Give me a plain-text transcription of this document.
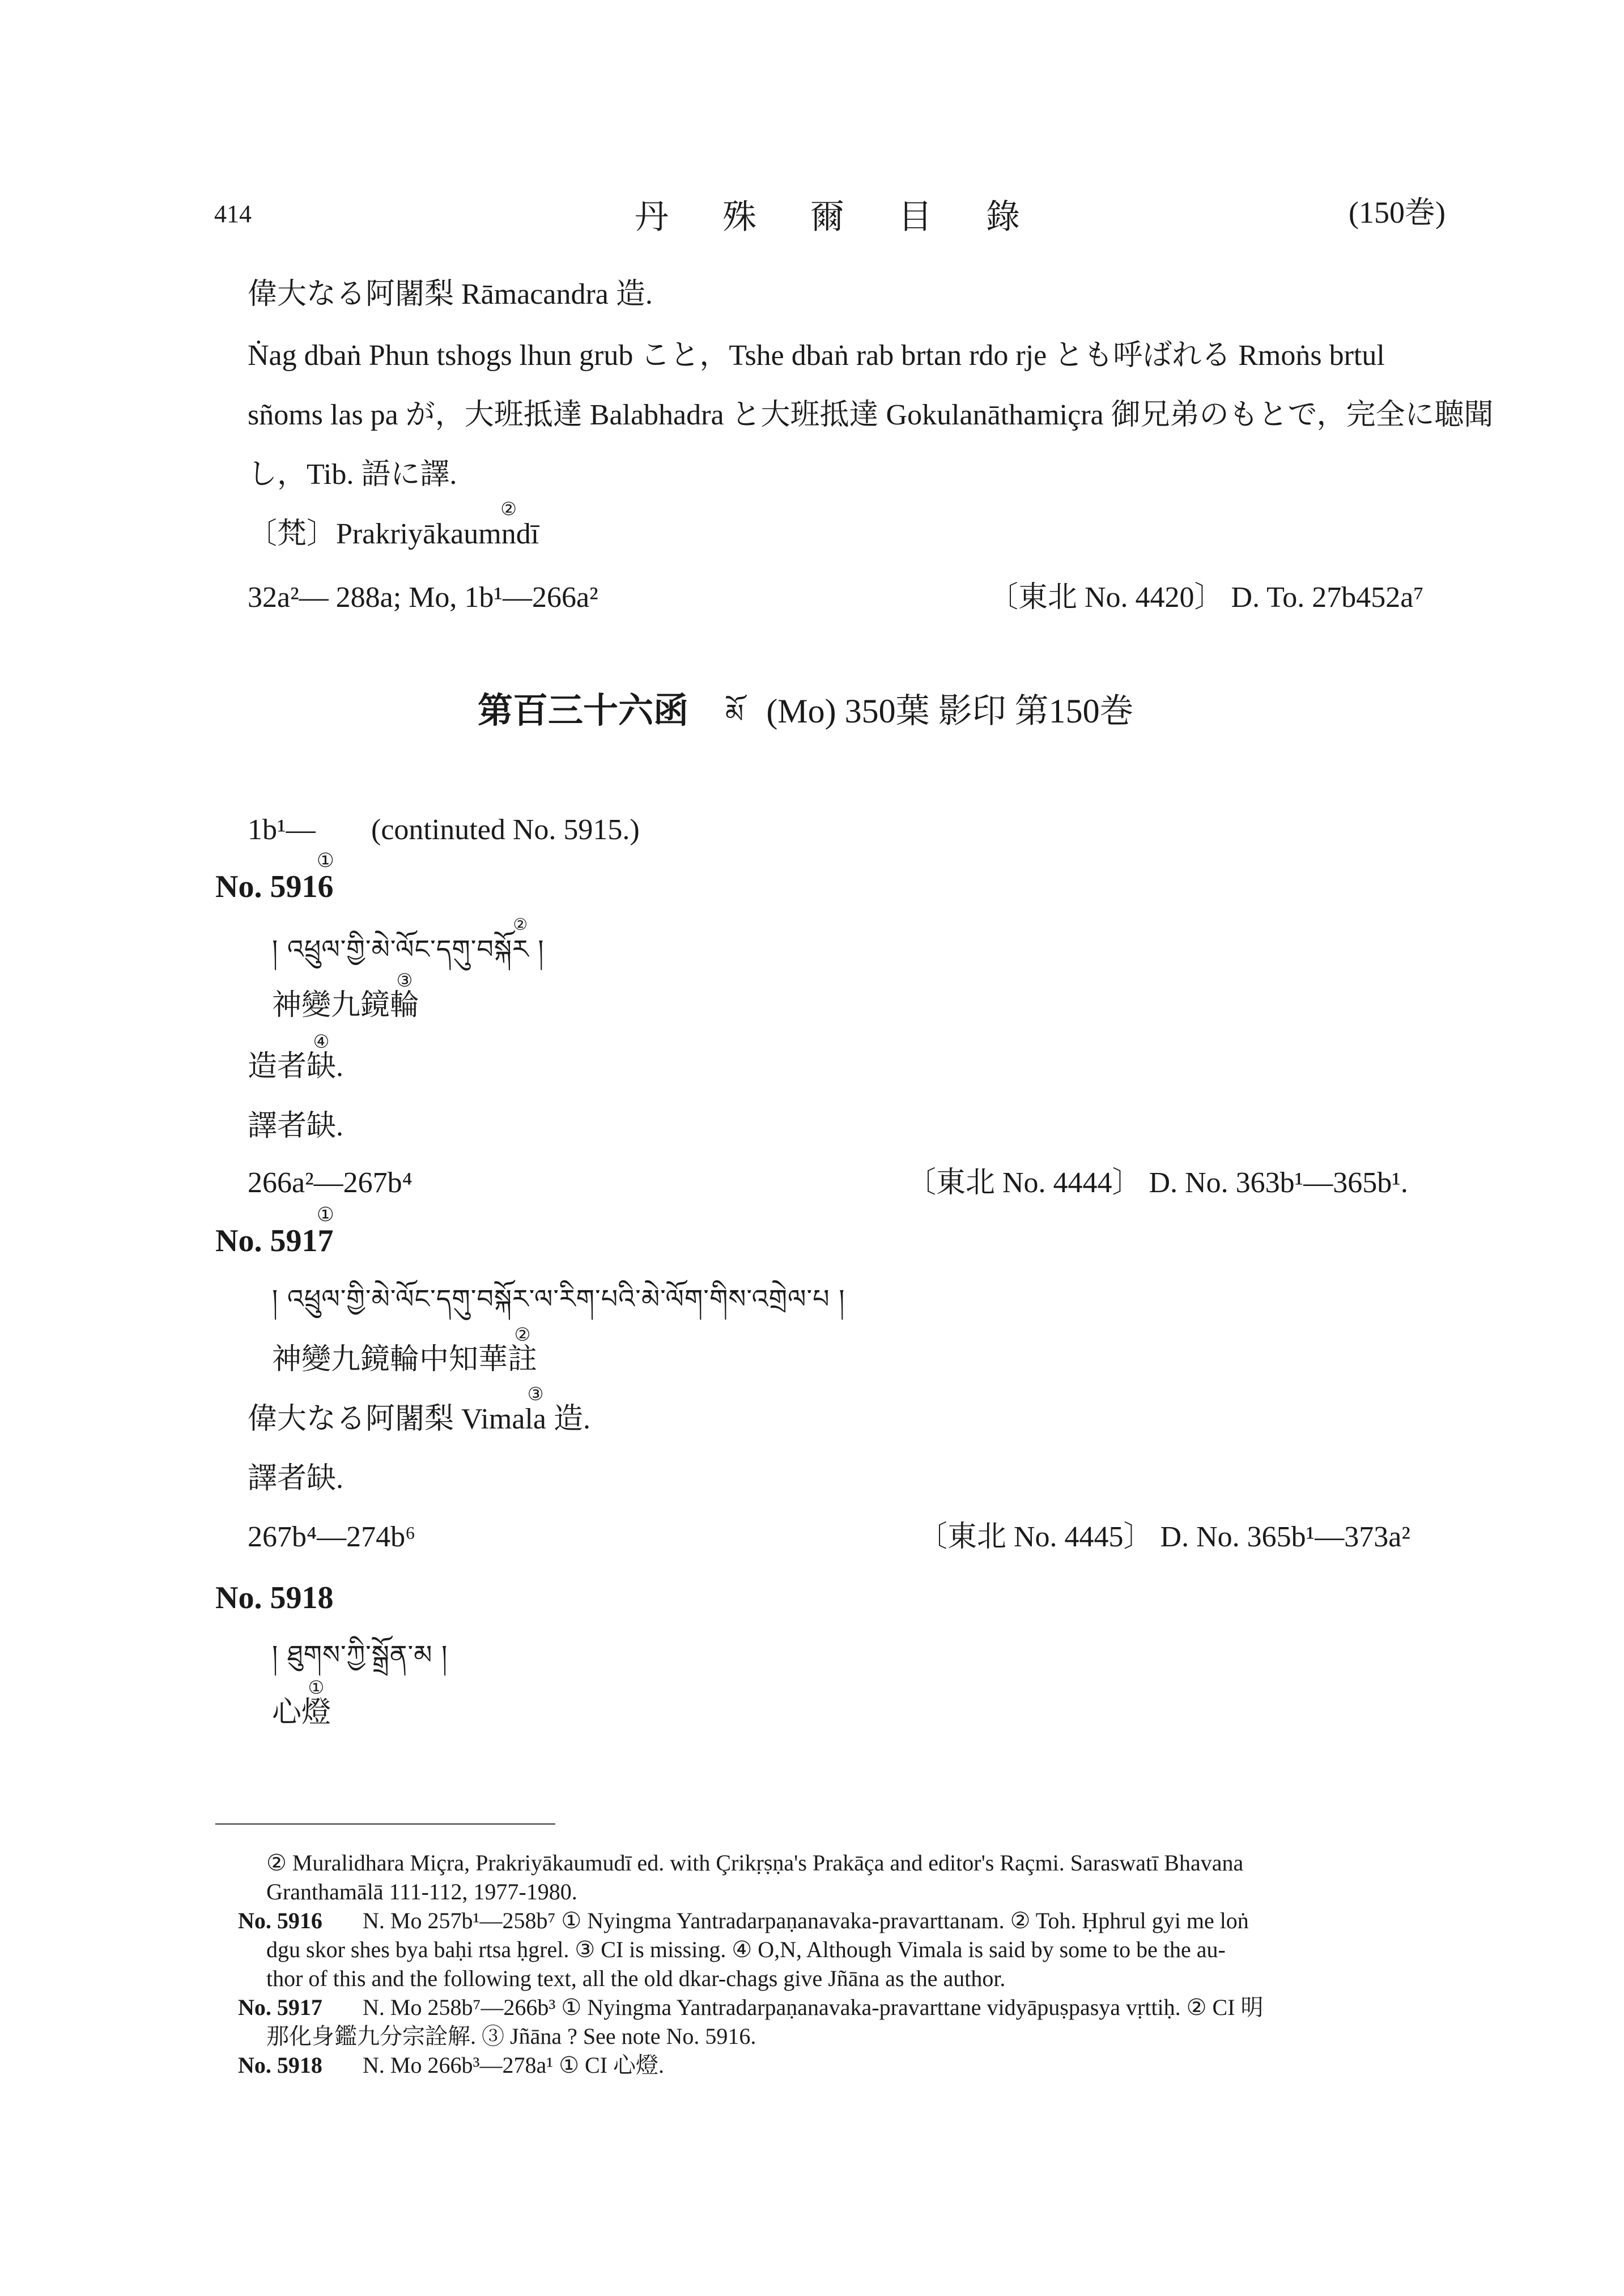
414	丹 殊 爾 目 錄	(150巻)
偉大なる阿闍梨 Rāmacandra 造.
Ṅag dbaṅ Phun tshogs lhun grub こと，Tshe dbaṅ rab brtan rdo rje とも呼ばれる Rmoṅs brtul
sñoms las pa が，大班抵達 Balabhadra と大班抵達 Gokulanāthamiçra 御兄弟のもとで，完全に聴聞
し，Tib. 語に譯.
〔梵〕Prakriyākaum② ndī
32a²— 288a; Mo, 1b¹—266a²	〔東北 No. 4420〕 D. To. 27b452a⁷
第百三十六函 མོ (Mo) 350葉 影印 第150巻
1b¹— (continuted No. 5915.)
No. 591① 6
། འཕྲུལ་གྱི་མེ་ལོང་དགུ་བསྐོ② ར །
神變九鏡③ 輪
造者④ 缺.
譯者缺.
266a²—267b⁴	〔東北 No. 4444〕 D. No. 363b¹—365b¹.
No. 591① 7
། འཕྲུལ་གྱི་མེ་ལོང་དགུ་བསྐོར་ལ་རིག་པའི་མེ་ལོག་གིས་འགྲེལ་པ །
神變九鏡輪中知華② 註
偉大なる阿闍梨 Vima③ la 造.
譯者缺.
267b⁴—274b⁶	〔東北 No. 4445〕 D. No. 365b¹—373a²
No. 5918
། ཐུགས་ཀྱི་སྒྲོན་མ །
心① 燈
② Muralidhara Miçra, Prakriyākaumudī ed. with Çrikṛṣṇa's Prakāça and editor's Raçmi. Saraswatī Bhavana
Granthamālā 111-112, 1977-1980.
No. 5916 N. Mo 257b¹—258b⁷ ① Nyingma Yantradarpaṇanavaka-pravarttanam. ② Toh. Ḥphrul gyi me loṅ
dgu skor shes bya baḥi rtsa ḥgrel. ③ CI is missing. ④ O,N, Although Vimala is said by some to be the au-
thor of this and the following text, all the old dkar-chags give Jñāna as the author.
No. 5917 N. Mo 258b⁷—266b³ ① Nyingma Yantradarpaṇanavaka-pravarttane vidyāpuṣpasya vṛttiḥ. ② CI 明
那化身鑑九分宗詮解. ③ Jñāna ? See note No. 5916.
No. 5918 N. Mo 266b³—278a¹ ① CI 心燈.
